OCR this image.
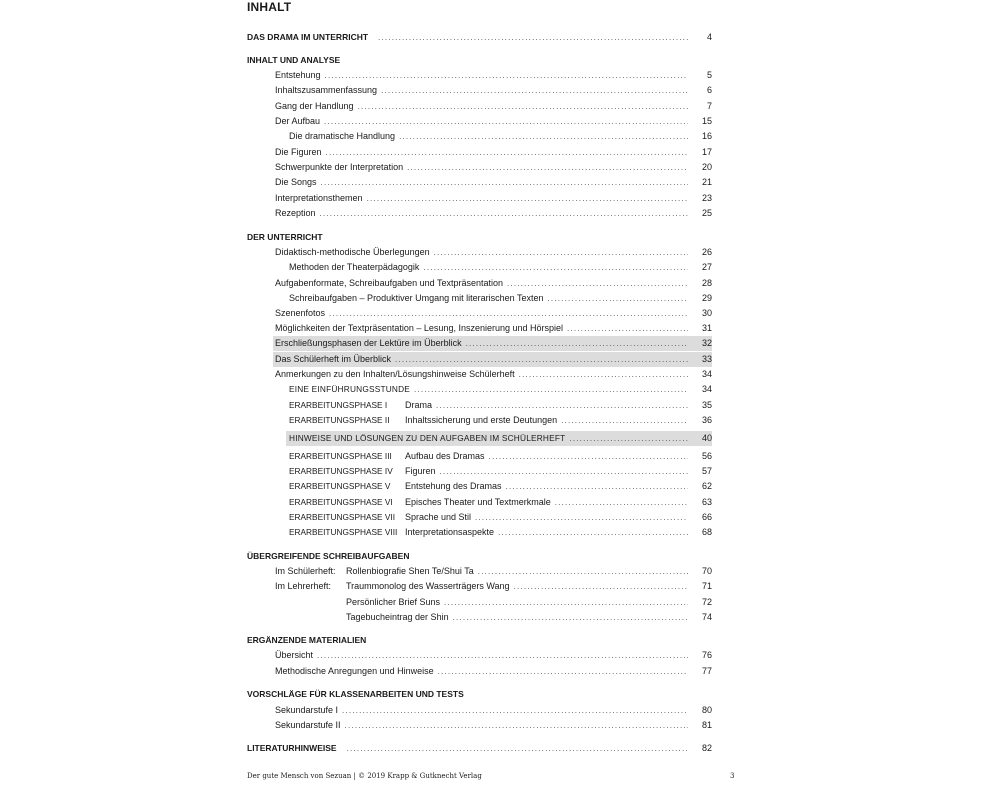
INHALT
DAS DRAMA IM UNTERRICHT .....	4
INHALT UND ANALYSE
Entstehung .....	5
Inhaltszusammenfassung .....	6
Gang der Handlung .....	7
Der Aufbau .....	15
Die dramatische Handlung .....	16
Die Figuren .....	17
Schwerpunkte der Interpretation .....	20
Die Songs .....	21
Interpretationsthemen .....	23
Rezeption .....	25
DER UNTERRICHT
Didaktisch-methodische Überlegungen .....	26
Methoden der Theaterpädagogik .....	27
Aufgabenformate, Schreibaufgaben und Textpräsentation .....	28
Schreibaufgaben – Produktiver Umgang mit literarischen Texten .....	29
Szenenfotos .....	30
Möglichkeiten der Textpräsentation – Lesung, Inszenierung und Hörspiel .....	31
Erschließungsphasen der Lektüre im Überblick .....	32
Das Schülerheft im Überblick .....	33
Anmerkungen zu den Inhalten/Lösungshinweise Schülerheft .....	34
EINE EINFÜHRUNGSSTUNDE .....	34
ERARBEITUNGSPHASE I	Drama .....	35
ERARBEITUNGSPHASE II	Inhaltssicherung und erste Deutungen .....	36
HINWEISE UND LÖSUNGEN ZU DEN AUFGABEN IM SCHÜLERHEFT .....	40
ERARBEITUNGSPHASE III	Aufbau des Dramas .....	56
ERARBEITUNGSPHASE IV	Figuren .....	57
ERARBEITUNGSPHASE V	Entstehung des Dramas .....	62
ERARBEITUNGSPHASE VI	Episches Theater und Textmerkmale .....	63
ERARBEITUNGSPHASE VII	Sprache und Stil .....	66
ERARBEITUNGSPHASE VIII Interpretationsaspekte .....	68
ÜBERGREIFENDE SCHREIBAUFGABEN
Im Schülerheft:	Rollenbiografie Shen Te/Shui Ta .....	70
Im Lehrerheft:	Traummonolog des Wasserträgers Wang .....	71
Persönlicher Brief Suns .....	72
Tagebucheintrag der Shin .....	74
ERGÄNZENDE MATERIALIEN
Übersicht .....	76
Methodische Anregungen und Hinweise .....	77
VORSCHLÄGE FÜR KLASSENARBEITEN UND TESTS
Sekundarstufe I .....	80
Sekundarstufe II .....	81
LITERATURHINWEISE .....	82
Der gute Mensch von Sezuan | © 2019 Krapp & Gutknecht Verlag	3
